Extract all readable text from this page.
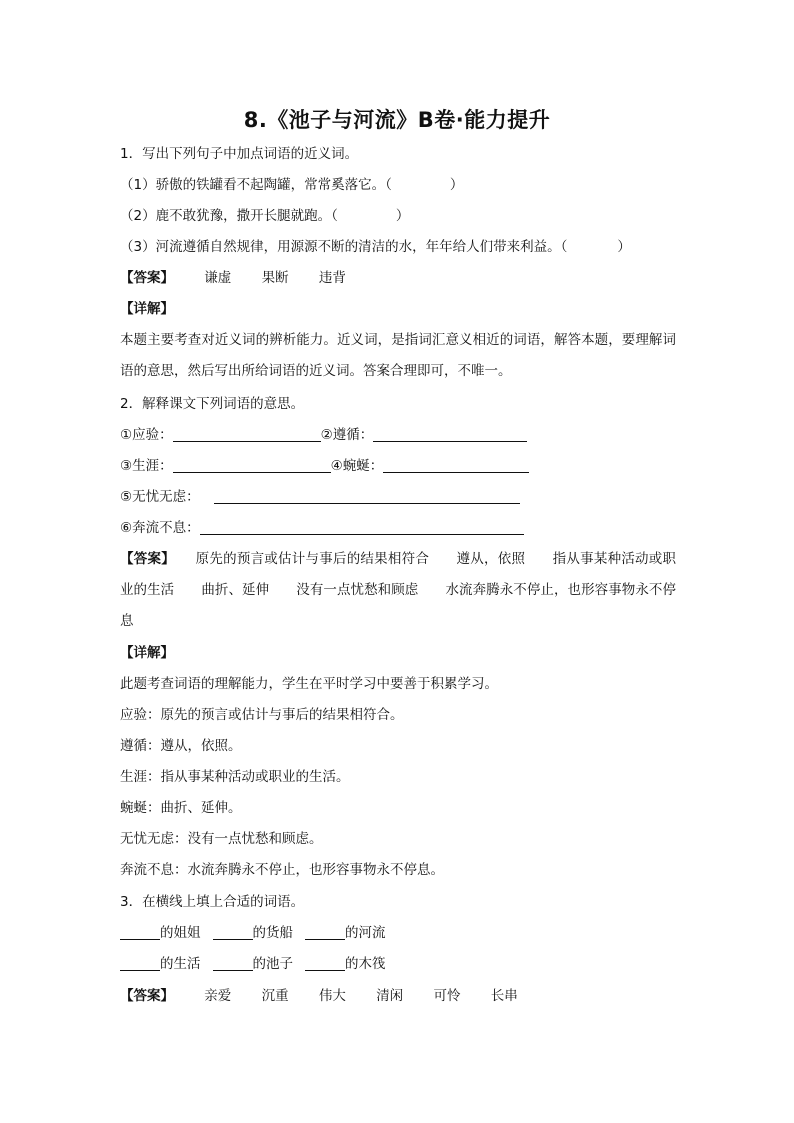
8.《池子与河流》B卷·能力提升
1．写出下列句子中加点词语的近义词。
（1）骄傲的铁罐看不起陶罐，常常奚落它。（	）
（2）鹿不敢犹豫，撒开长腿就跑。（	）
（3）河流遵循自然规律，用源源不断的清洁的水，年年给人们带来利益。（	）
【答案】 谦虚 果断 违背
【详解】
本题主要考查对近义词的辨析能力。近义词，是指词汇意义相近的词语，解答本题，要理解词语的意思，然后写出所给词语的近义词。答案合理即可，不唯一。
2．解释课文下列词语的意思。
①应验：	②遵循：
③生涯：	④蜿蜒：
⑤无忧无虑：
⑥奔流不息：
【答案】　　 原先的预言或估计与事后的结果相符合　　遵从，依照　　指从事某种活动或职业的生活　　曲折、延伸　　没有一点忧愁和顾虑　　水流奔腾永不停止，也形容事物永不停息
【详解】
此题考查词语的理解能力，学生在平时学习中要善于积累学习。
应验：原先的预言或估计与事后的结果相符合。
遵循：遵从，依照。
生涯：指从事某种活动或职业的生活。
蜿蜒：曲折、延伸。
无忧无虑：没有一点忧愁和顾虑。
奔流不息：水流奔腾永不停止，也形容事物永不停息。
3．在横线上填上合适的词语。
的姐姐	的货船	的河流
的生活	的池子	的木筏
【答案】 亲爱 沉重 伟大 清闲 可怜 长串
